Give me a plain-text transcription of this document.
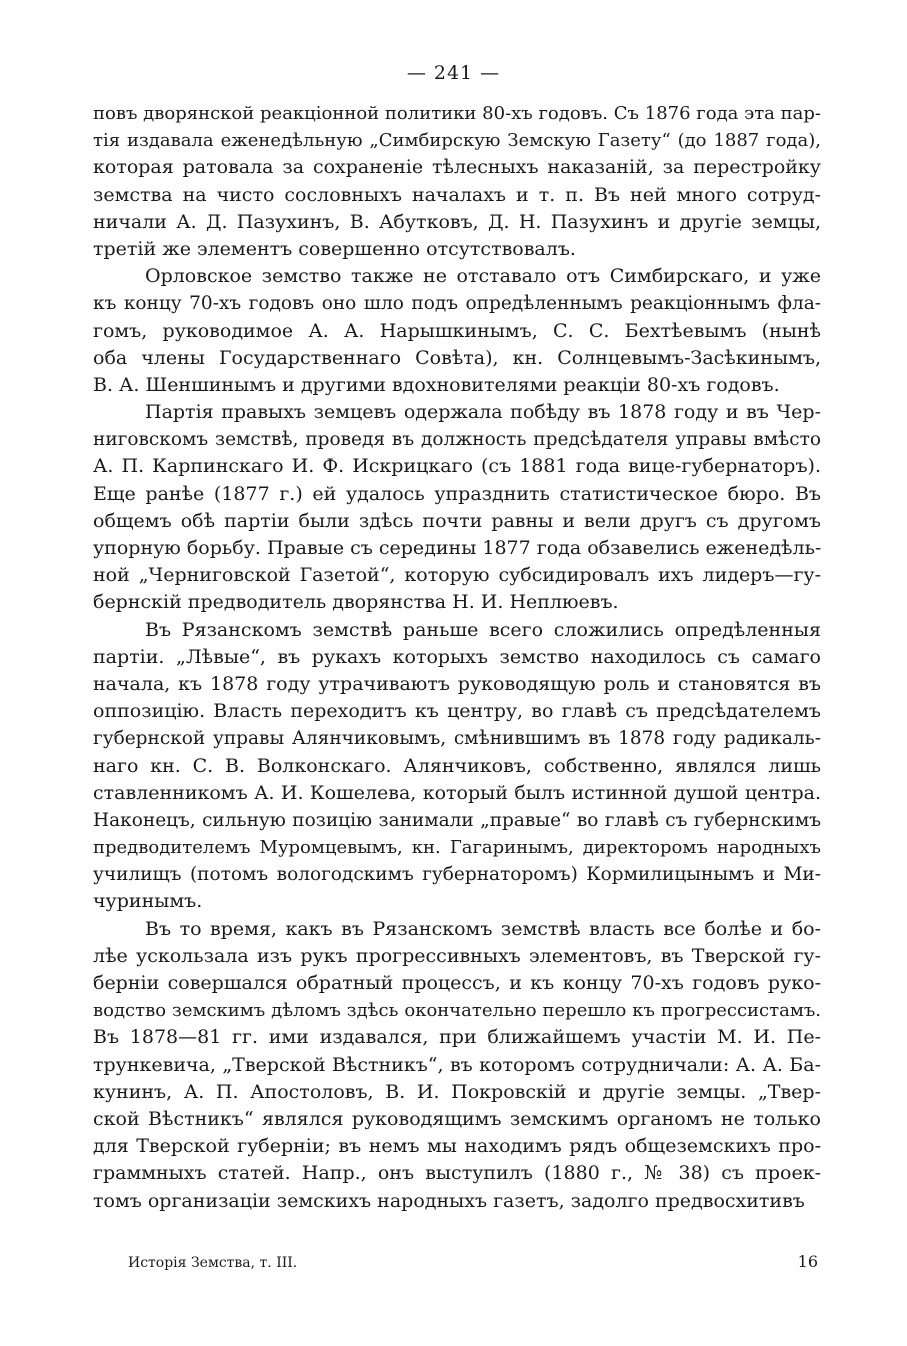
— 241 —
повъ дворянской реакціонной политики 80-хъ годовъ. Съ 1876 года эта пар-
тія издавала еженедѣльную „Симбирскую Земскую Газету“ (до 1887 года),
которая ратовала за сохраненіе тѣлесныхъ наказаній, за перестройку
земства на чисто сословныхъ началахъ и т. п. Въ ней много сотруд-
ничали А. Д. Пазухинъ, В. Абутковъ, Д. Н. Пазухинъ и другіе земцы,
третій же элементъ совершенно отсутствовалъ.
Орловское земство также не отставало отъ Симбирскаго, и уже
къ концу 70-хъ годовъ оно шло подъ опредѣленнымъ реакціоннымъ фла-
гомъ, руководимое А. А. Нарышкинымъ, С. С. Бехтѣевымъ (нынѣ
оба члены Государственнаго Совѣта), кн. Солнцевымъ-Засѣкинымъ,
В. А. Шеншинымъ и другими вдохновителями реакціи 80-хъ годовъ.
Партія правыхъ земцевъ одержала побѣду въ 1878 году и въ Чер-
ниговскомъ земствѣ, проведя въ должность предсѣдателя управы вмѣсто
А. П. Карпинскаго И. Ф. Искрицкаго (съ 1881 года вице-губернаторъ).
Еще ранѣе (1877 г.) ей удалось упразднить статистическое бюро. Въ
общемъ обѣ партіи были здѣсь почти равны и вели другъ съ другомъ
упорную борьбу. Правые съ середины 1877 года обзавелись еженедѣль-
ной „Черниговской Газетой“, которую субсидировалъ ихъ лидеръ—гу-
бернскій предводитель дворянства Н. И. Неплюевъ.
Въ Рязанскомъ земствѣ раньше всего сложились опредѣленныя
партіи. „Лѣвые“, въ рукахъ которыхъ земство находилось съ самаго
начала, къ 1878 году утрачиваютъ руководящую роль и становятся въ
оппозицію. Власть переходитъ къ центру, во главѣ съ предсѣдателемъ
губернской управы Алянчиковымъ, смѣнившимъ въ 1878 году радикаль-
наго кн. С. В. Волконскаго. Алянчиковъ, собственно, являлся лишь
ставленникомъ А. И. Кошелева, который былъ истинной душой центра.
Наконецъ, сильную позицію занимали „правые“ во главѣ съ губернскимъ
предводителемъ Муромцевымъ, кн. Гагаринымъ, директоромъ народныхъ
училищъ (потомъ вологодскимъ губернаторомъ) Кормилицынымъ и Ми-
чуринымъ.
Въ то время, какъ въ Рязанскомъ земствѣ власть все болѣе и бо-
лѣе ускользала изъ рукъ прогрессивныхъ элементовъ, въ Тверской гу-
берніи совершался обратный процессъ, и къ концу 70-хъ годовъ руко-
водство земскимъ дѣломъ здѣсь окончательно перешло къ прогрессистамъ.
Въ 1878—81 гг. ими издавался, при ближайшемъ участіи М. И. Пе-
трункевича, „Тверской Вѣстникъ“, въ которомъ сотрудничали: А. А. Ба-
кунинъ, А. П. Апостоловъ, В. И. Покровскій и другіе земцы. „Твер-
ской Вѣстникъ“ являлся руководящимъ земскимъ органомъ не только
для Тверской губерніи; въ немъ мы находимъ рядъ общеземскихъ про-
граммныхъ статей. Напр., онъ выступилъ (1880 г., № 38) съ проек-
томъ организаціи земскихъ народныхъ газетъ, задолго предвосхитивъ
Исторія Земства, т. III.	16
